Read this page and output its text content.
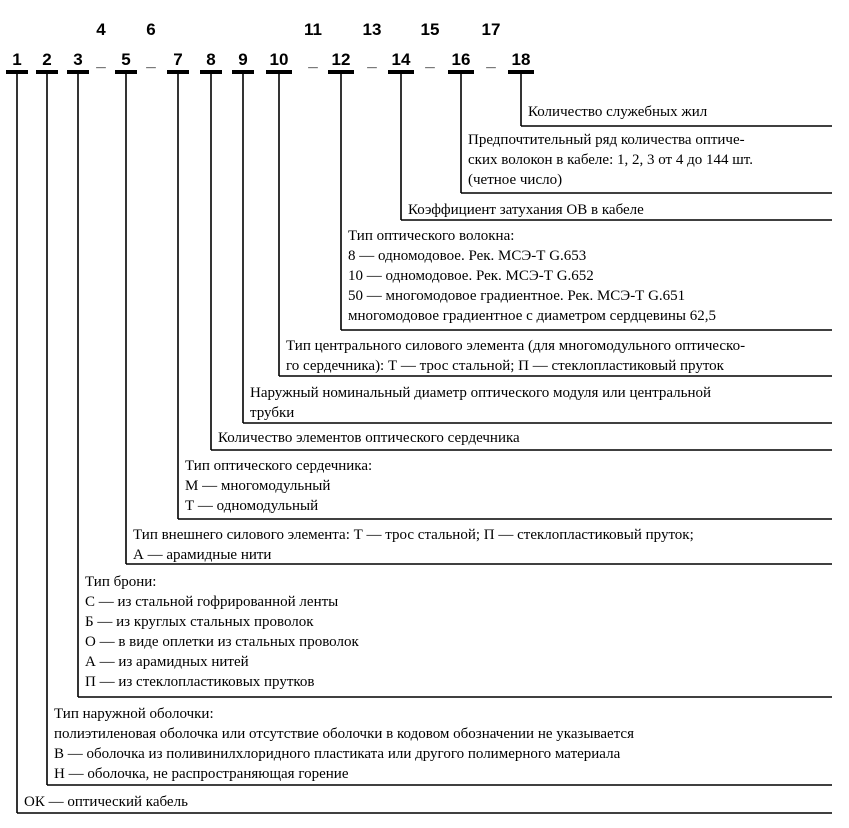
1 2 3
4
5
6
7 8 9 10
11
12
13
14
15
16
17
18
_ _	_	_	_	_
Количество служебных жил
Предпочтительный ряд количества оптиче-
ских волокон в кабеле: 1, 2, 3 от 4 до 144 шт.
(четное число)
Коэффициент затухания ОВ в кабеле
Тип оптического волокна:
8 — одномодовое. Рек. МСЭ-Т G.653
10 — одномодовое. Рек. МСЭ-Т G.652
50 — многомодовое градиентное. Рек. МСЭ-Т G.651
многомодовое градиентное с диаметром сердцевины 62,5
Тип центрального силового элемента (для многомодульного оптическо-
го сердечника): Т — трос стальной; П — стеклопластиковый пруток
Наружный номинальный диаметр оптического модуля или центральной
трубки
Количество элементов оптического сердечника
Тип оптического сердечника:
М — многомодульный
Т — одномодульный
Тип внешнего силового элемента: Т — трос стальной; П — стеклопластиковый пруток;
А — арамидные нити
Тип брони:
С — из стальной гофрированной ленты
Б — из круглых стальных проволок
О — в виде оплетки из стальных проволок
А — из арамидных нитей
П — из стеклопластиковых прутков
Тип наружной оболочки:
полиэтиленовая оболочка или отсутствие оболочки в кодовом обозначении не указывается
В — оболочка из поливинилхлоридного пластиката или другого полимерного материала
Н — оболочка, не распространяющая горение
ОК — оптический кабель
